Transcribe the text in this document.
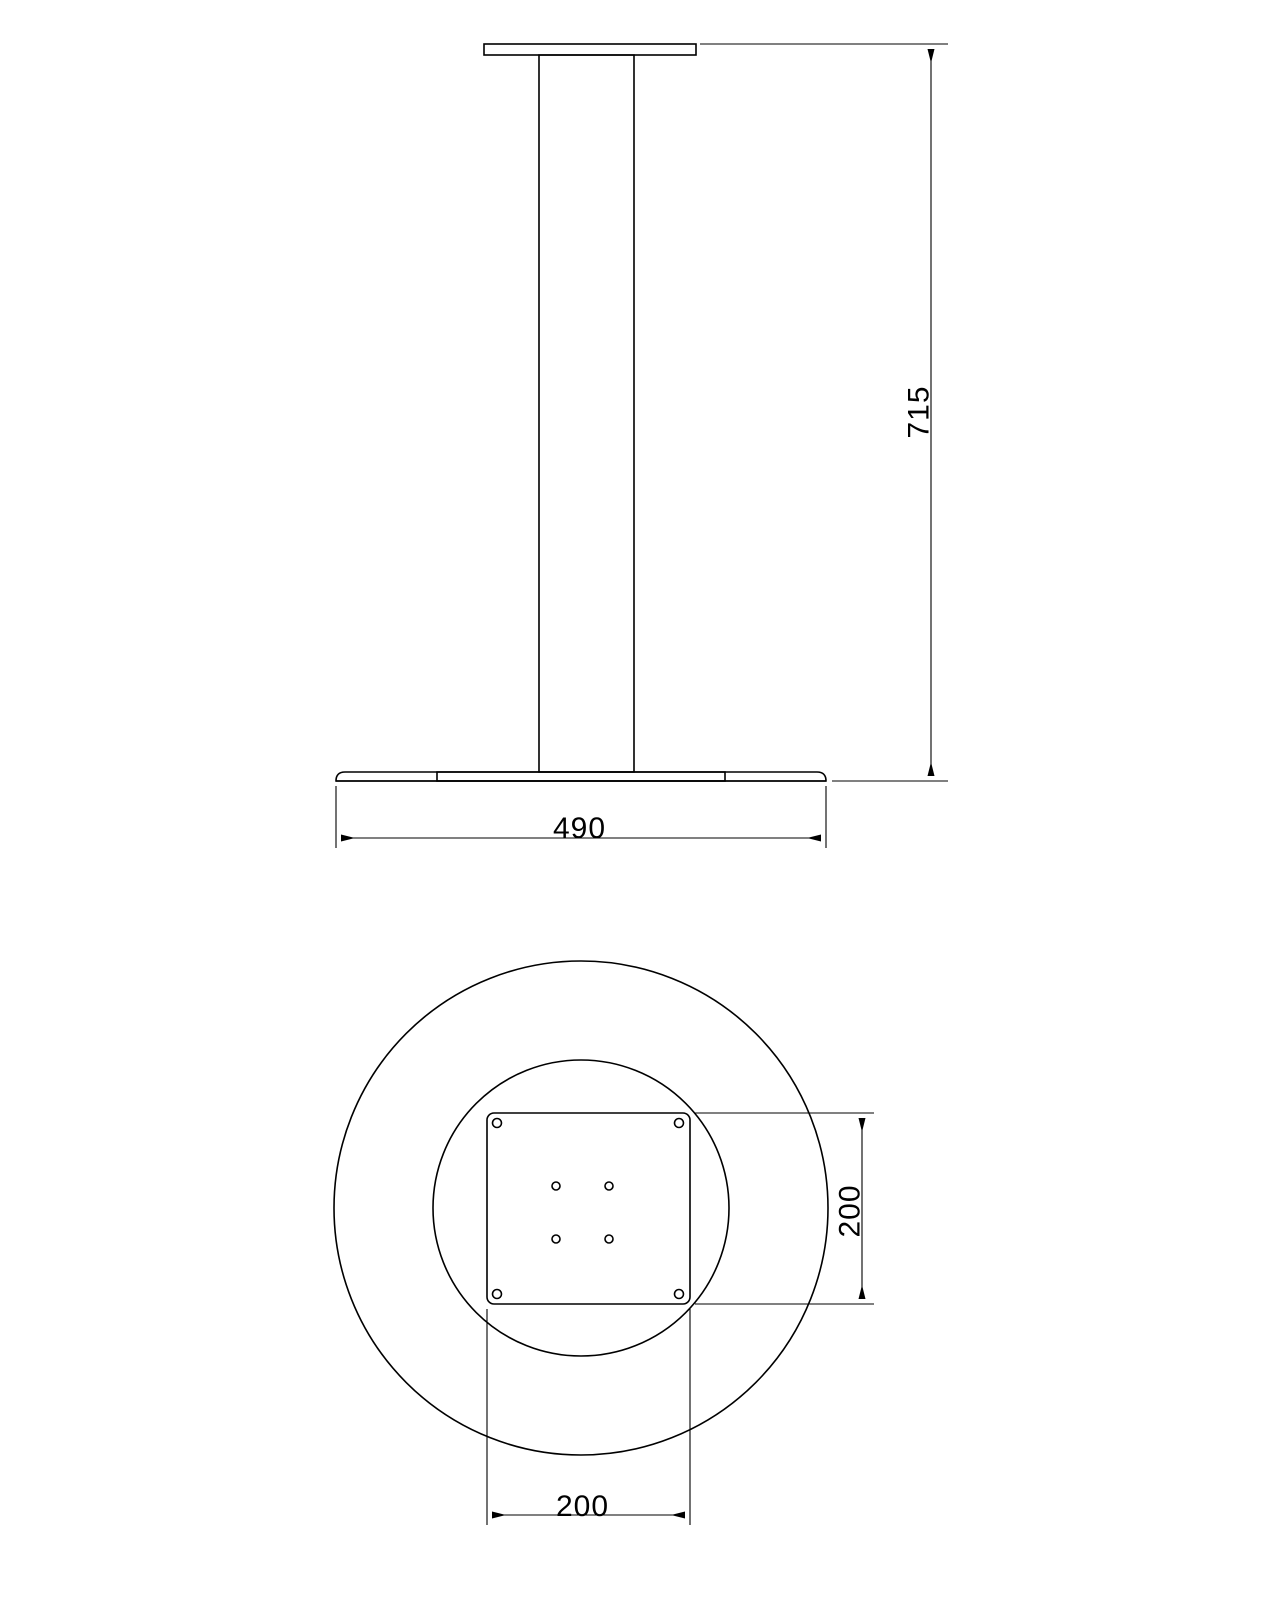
715
490
200
200
